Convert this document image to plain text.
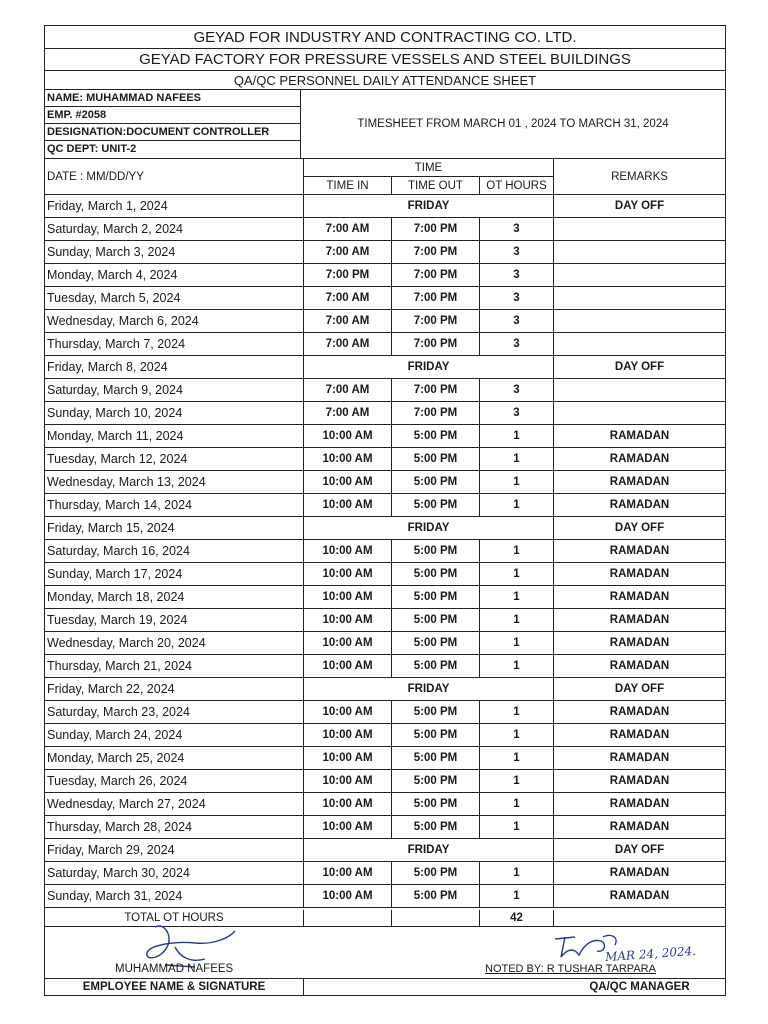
GEYAD FOR INDUSTRY AND CONTRACTING CO. LTD.
GEYAD FACTORY FOR PRESSURE VESSELS AND STEEL BUILDINGS
QA/QC PERSONNEL DAILY ATTENDANCE SHEET
NAME: MUHAMMAD NAFEES
EMP. #2058
DESIGNATION:DOCUMENT CONTROLLER
QC DEPT: UNIT-2
TIMESHEET FROM MARCH 01 , 2024 TO MARCH 31, 2024
DATE : MM/DD/YY
TIME
TIME IN	TIME OUT	OT HOURS
REMARKS
Friday, March 1, 2024	FRIDAY	DAY OFF
Saturday, March 2, 2024	7:00 AM	7:00 PM	3
Sunday, March 3, 2024	7:00 AM	7:00 PM	3
Monday, March 4, 2024	7:00 PM	7:00 PM	3
Tuesday, March 5, 2024	7:00 AM	7:00 PM	3
Wednesday, March 6, 2024	7:00 AM	7:00 PM	3
Thursday, March 7, 2024	7:00 AM	7:00 PM	3
Friday, March 8, 2024	FRIDAY	DAY OFF
Saturday, March 9, 2024	7:00 AM	7:00 PM	3
Sunday, March 10, 2024	7:00 AM	7:00 PM	3
Monday, March 11, 2024	10:00 AM	5:00 PM	1	RAMADAN
Tuesday, March 12, 2024	10:00 AM	5:00 PM	1	RAMADAN
Wednesday, March 13, 2024	10:00 AM	5:00 PM	1	RAMADAN
Thursday, March 14, 2024	10:00 AM	5:00 PM	1	RAMADAN
Friday, March 15, 2024	FRIDAY	DAY OFF
Saturday, March 16, 2024	10:00 AM	5:00 PM	1	RAMADAN
Sunday, March 17, 2024	10:00 AM	5:00 PM	1	RAMADAN
Monday, March 18, 2024	10:00 AM	5:00 PM	1	RAMADAN
Tuesday, March 19, 2024	10:00 AM	5:00 PM	1	RAMADAN
Wednesday, March 20, 2024	10:00 AM	5:00 PM	1	RAMADAN
Thursday, March 21, 2024	10:00 AM	5:00 PM	1	RAMADAN
Friday, March 22, 2024	FRIDAY	DAY OFF
Saturday, March 23, 2024	10:00 AM	5:00 PM	1	RAMADAN
Sunday, March 24, 2024	10:00 AM	5:00 PM	1	RAMADAN
Monday, March 25, 2024	10:00 AM	5:00 PM	1	RAMADAN
Tuesday, March 26, 2024	10:00 AM	5:00 PM	1	RAMADAN
Wednesday, March 27, 2024	10:00 AM	5:00 PM	1	RAMADAN
Thursday, March 28, 2024	10:00 AM	5:00 PM	1	RAMADAN
Friday, March 29, 2024	FRIDAY	DAY OFF
Saturday, March 30, 2024	10:00 AM	5:00 PM	1	RAMADAN
Sunday, March 31, 2024	10:00 AM	5:00 PM	1	RAMADAN
TOTAL OT HOURS	42
MUHAMMAD NAFEES
MAR 24, 2024.
NOTED BY: R TUSHAR TARPARA
EMPLOYEE NAME & SIGNATURE	QA/QC MANAGER
